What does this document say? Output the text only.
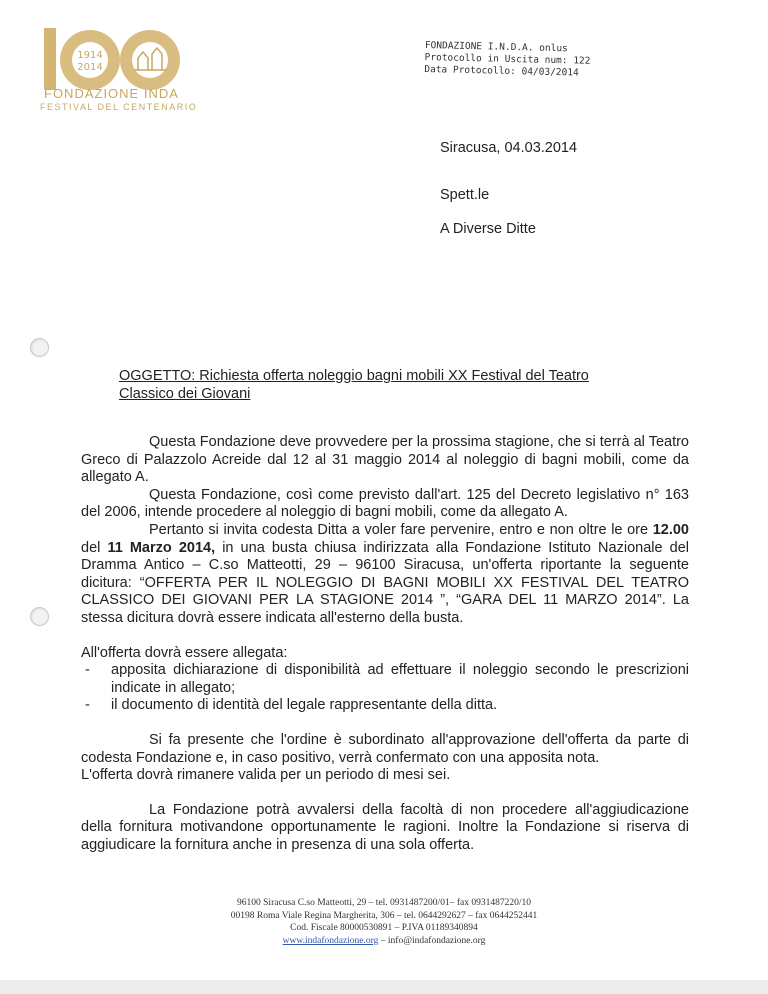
1914
2014
FONDAZIONE INDA
FESTIVAL DEL CENTENARIO
FONDAZIONE I.N.D.A. onlus
Protocollo in Uscita num: 122
Data Protocollo: 04/03/2014
Siracusa, 04.03.2014
Spett.le
A Diverse Ditte
OGGETTO: Richiesta offerta noleggio bagni mobili XX Festival del Teatro
Classico dei Giovani

Questa Fondazione deve provvedere per la prossima stagione, che si terrà al Teatro Greco di Palazzolo Acreide dal 12 al 31 maggio 2014 al noleggio di bagni mobili, come da allegato A.

Questa Fondazione, così come previsto dall'art. 125 del Decreto legislativo n° 163 del 2006, intende procedere al noleggio di bagni mobili, come da allegato A.

Pertanto si invita codesta Ditta a voler fare pervenire, entro e non oltre le ore 12.00 del 11 Marzo 2014, in una busta chiusa indirizzata alla Fondazione Istituto Nazionale del Dramma Antico – C.so Matteotti, 29 – 96100 Siracusa, un'offerta riportante la seguente dicitura: “OFFERTA PER IL NOLEGGIO DI BAGNI MOBILI XX FESTIVAL DEL TEATRO CLASSICO DEI GIOVANI PER LA STAGIONE 2014 ”, “GARA DEL 11 MARZO 2014”. La stessa dicitura dovrà essere indicata all'esterno della busta.

All'offerta dovrà essere allegata:

-	apposita dichiarazione di disponibilità ad effettuare il noleggio secondo le prescrizioni indicate in allegato;
-	il documento di identità del legale rappresentante della ditta.

Si fa presente che l'ordine è subordinato all'approvazione dell'offerta da parte di codesta Fondazione e, in caso positivo, verrà confermato con una apposita nota.

L'offerta dovrà rimanere valida per un periodo di mesi sei.

La Fondazione potrà avvalersi della facoltà di non procedere all'aggiudicazione della fornitura motivandone opportunamente le ragioni. Inoltre la Fondazione si riserva di aggiudicare la fornitura anche in presenza di una sola offerta.

96100 Siracusa C.so Matteotti, 29 – tel. 0931487200/01– fax 0931487220/10
00198 Roma Viale Regina Margherita, 306 – tel. 0644292627 – fax 0644252441
Cod. Fiscale 80000530891 – P.IVA 01189340894
www.indafondazione.org – info@indafondazione.org
